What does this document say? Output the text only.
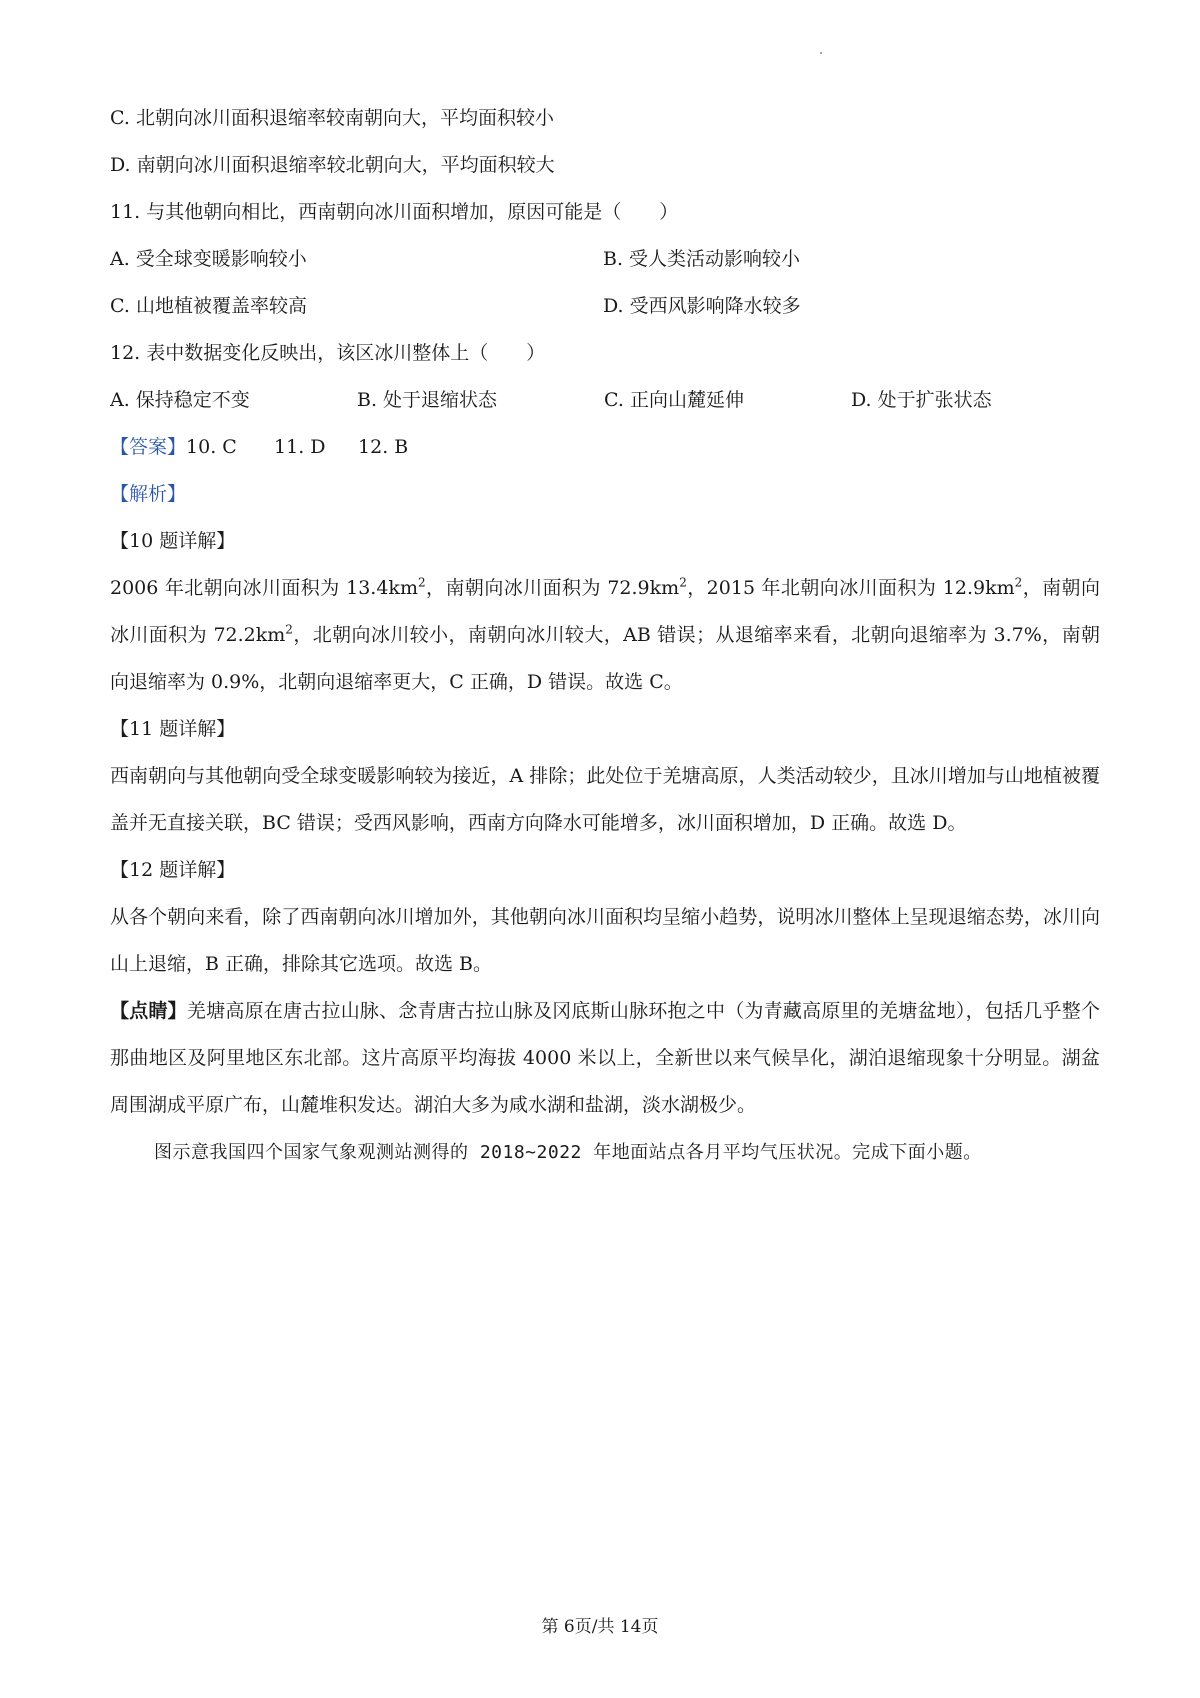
C. 北朝向冰川面积退缩率较南朝向大，平均面积较小
D. 南朝向冰川面积退缩率较北朝向大，平均面积较大
11. 与其他朝向相比，西南朝向冰川面积增加，原因可能是（　　）
A. 受全球变暖影响较小	B. 受人类活动影响较小
C. 山地植被覆盖率较高	D. 受西风影响降水较多
12. 表中数据变化反映出，该区冰川整体上（　　）
A. 保持稳定不变	B. 处于退缩状态	C. 正向山麓延伸	D. 处于扩张状态
【答案】10. C 11. D 12. B
【解析】
【10 题详解】
2006 年北朝向冰川面积为 $13.4km^2$，南朝向冰川面积为 $72.9km^2$，2015 年北朝向冰川面积为 $12.9km^2$，南朝向冰川面积为 $72.2km^2$，北朝向冰川较小，南朝向冰川较大，AB 错误；从退缩率来看，北朝向退缩率为 3.7%，南朝向退缩率为 0.9%，北朝向退缩率更大，C 正确，D 错误。故选 C。
【11 题详解】
西南朝向与其他朝向受全球变暖影响较为接近，A 排除；此处位于羌塘高原，人类活动较少，且冰川增加与山地植被覆盖并无直接关联，BC 错误；受西风影响，西南方向降水可能增多，冰川面积增加，D 正确。故选 D。
【12 题详解】
从各个朝向来看，除了西南朝向冰川增加外，其他朝向冰川面积均呈缩小趋势，说明冰川整体上呈现退缩态势，冰川向山上退缩，B 正确，排除其它选项。故选 B。
【点睛】羌塘高原在唐古拉山脉、念青唐古拉山脉及冈底斯山脉环抱之中（为青藏高原里的羌塘盆地），包括几乎整个那曲地区及阿里地区东北部。这片高原平均海拔 4000 米以上，全新世以来气候旱化，湖泊退缩现象十分明显。湖盆周围湖成平原广布，山麓堆积发达。湖泊大多为咸水湖和盐湖，淡水湖极少。
图示意我国四个国家气象观测站测得的 2018~2022 年地面站点各月平均气压状况。完成下面小题。
第 6页/共 14页
